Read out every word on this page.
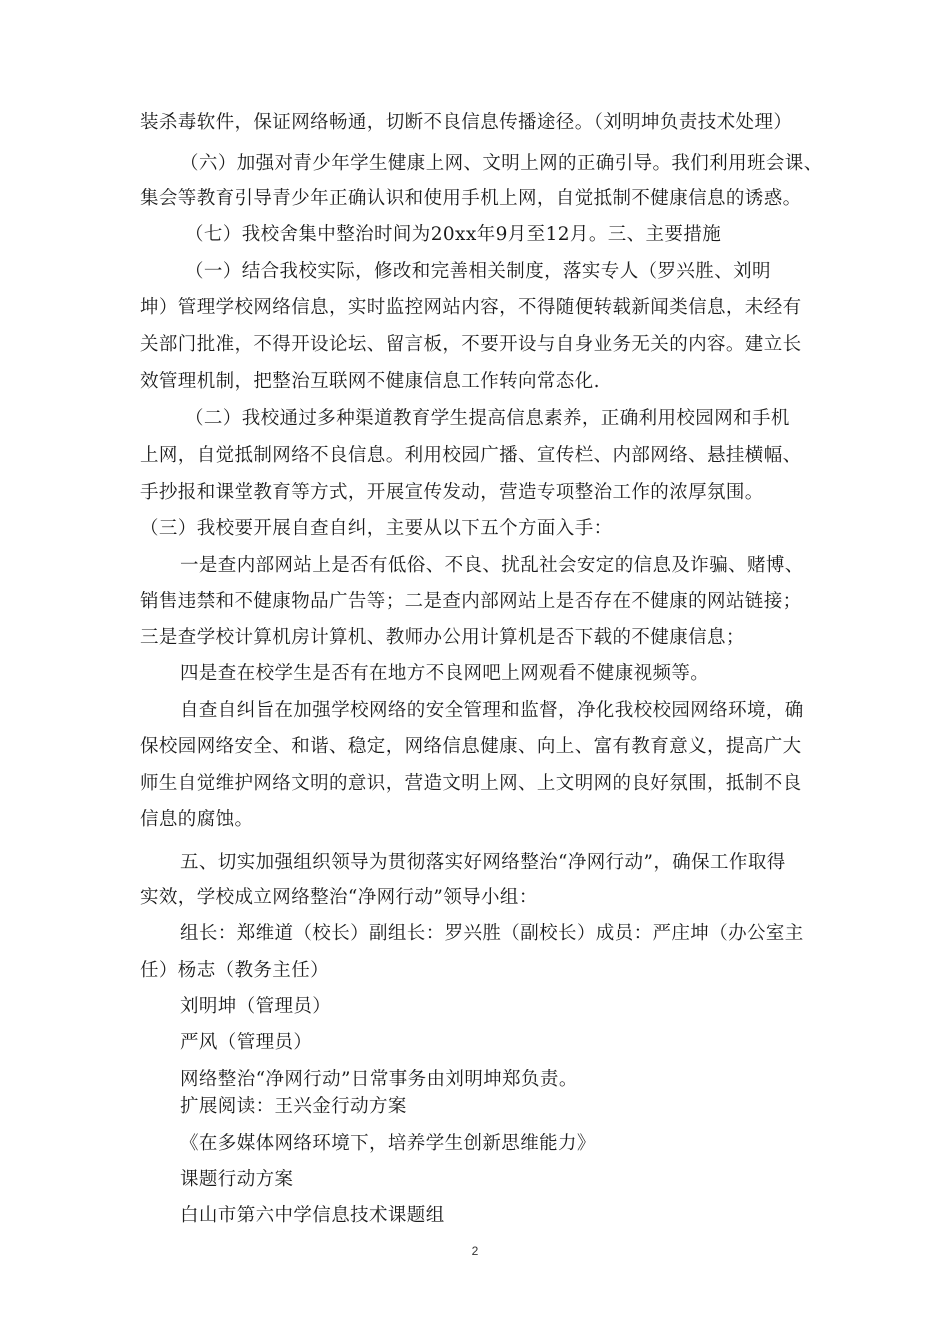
装杀毒软件，保证网络畅通，切断不良信息传播途径。（刘明坤负责技术处理）
（六）加强对青少年学生健康上网、文明上网的正确引导。我们利用班会课、
集会等教育引导青少年正确认识和使用手机上网，自觉抵制不健康信息的诱惑。
（七）我校舍集中整治时间为20xx年9月至12月。三、主要措施
（一）结合我校实际，修改和完善相关制度，落实专人（罗兴胜、刘明
坤）管理学校网络信息，实时监控网站内容，不得随便转载新闻类信息，未经有
关部门批准，不得开设论坛、留言板，不要开设与自身业务无关的内容。建立长
效管理机制，把整治互联网不健康信息工作转向常态化.
（二）我校通过多种渠道教育学生提高信息素养，正确利用校园网和手机
上网，自觉抵制网络不良信息。利用校园广播、宣传栏、内部网络、悬挂横幅、
手抄报和课堂教育等方式，开展宣传发动，营造专项整治工作的浓厚氛围。
（三）我校要开展自查自纠，主要从以下五个方面入手：
一是查内部网站上是否有低俗、不良、扰乱社会安定的信息及诈骗、赌博、
销售违禁和不健康物品广告等；二是查内部网站上是否存在不健康的网站链接；
三是查学校计算机房计算机、教师办公用计算机是否下载的不健康信息；
四是查在校学生是否有在地方不良网吧上网观看不健康视频等。
自查自纠旨在加强学校网络的安全管理和监督，净化我校校园网络环境，确
保校园网络安全、和谐、稳定，网络信息健康、向上、富有教育意义，提高广大
师生自觉维护网络文明的意识，营造文明上网、上文明网的良好氛围，抵制不良
信息的腐蚀。
五、切实加强组织领导为贯彻落实好网络整治“净网行动”，确保工作取得
实效，学校成立网络整治“净网行动”领导小组：
组长：郑维道（校长）副组长：罗兴胜（副校长）成员：严庄坤（办公室主
任）杨志（教务主任）
刘明坤（管理员）
严风（管理员）
网络整治“净网行动”日常事务由刘明坤郑负责。
扩展阅读：王兴金行动方案
《在多媒体网络环境下，培养学生创新思维能力》
课题行动方案
白山市第六中学信息技术课题组
2
